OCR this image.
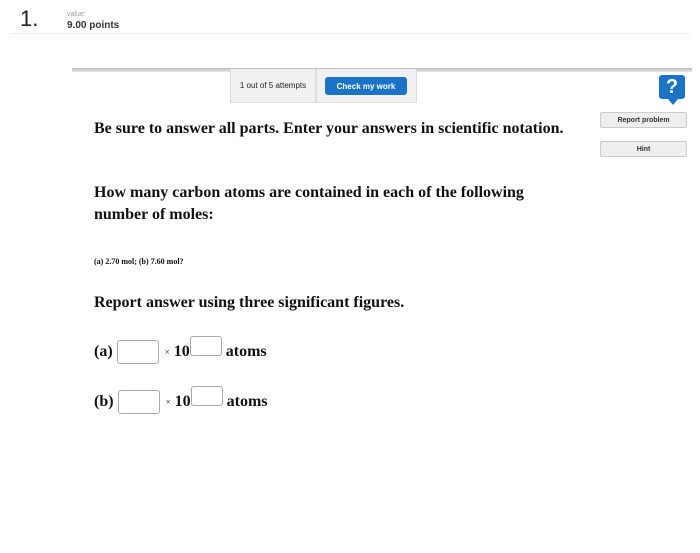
1.	value:
9.00 points
1 out of 5 attempts	Check my work	?
Report problem
Hint
Be sure to answer all parts. Enter your answers in scientific notation.
How many carbon atoms are contained in each of the following number of moles:
(a) 2.70 mol; (b) 7.60 mol?
Report answer using three significant figures.
(a)	× 10 atoms
(b)	× 10 atoms
